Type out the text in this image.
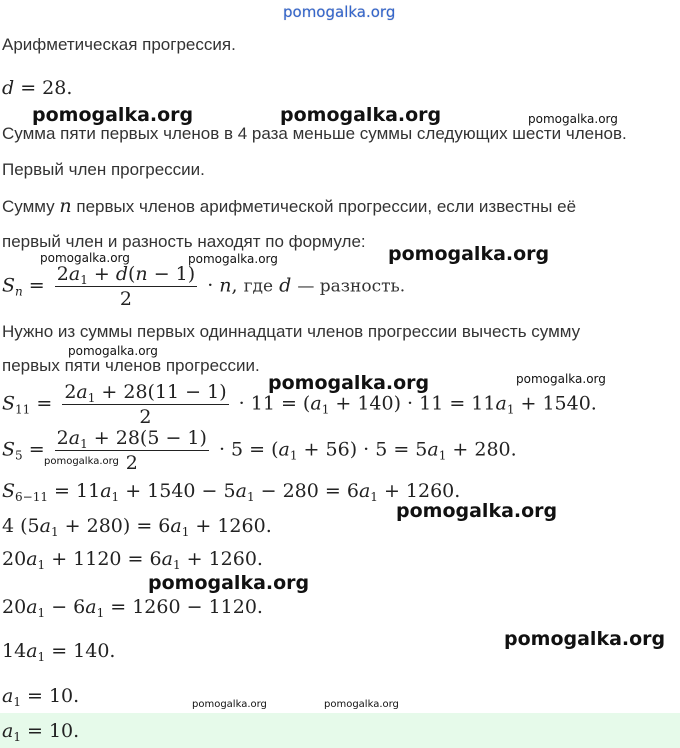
pomogalka.org
Арифметическая прогрессия.
d = 28.
Сумма пяти первых членов в 4 раза меньше суммы следующих шести членов.
Первый член прогрессии.
Сумму n первых членов арифметической прогрессии, если известны её
первый член и разность находят по формуле:
$S_n = \frac{2a_1 + d(n - 1)}{2} \cdot n$, где d — разность.
Нужно из суммы первых одиннадцати членов прогрессии вычесть сумму
первых пяти членов прогрессии.
$S_{11} = \frac{2a_1 + 28(11 - 1)}{2} \cdot 11 = (a_1 + 140) \cdot 11 = 11a_1 + 1540$.
$S_5 = \frac{2a_1 + 28(5 - 1)}{2} \cdot 5 = (a_1 + 56) \cdot 5 = 5a_1 + 280$.
$S_{6-11} = 11a_1 + 1540 - 5a_1 - 280 = 6a_1 + 1260$.
4 $(5a_1 + 280) = 6a_1 + 1260$.
$20a_1 + 1120 = 6a_1 + 1260$.
$20a_1 - 6a_1 = 1260 - 1120$.
$14a_1 = 140$.
$a_1 = 10$.
$a_1 = 10$.
pomogalka.org	pomogalka.org	pomogalka.org
pomogalka.org	pomogalka.org	pomogalka.org
pomogalka.org
pomogalka.org	pomogalka.org
pomogalka.org
pomogalka.org
pomogalka.org
pomogalka.org
pomogalka.org	pomogalka.org
